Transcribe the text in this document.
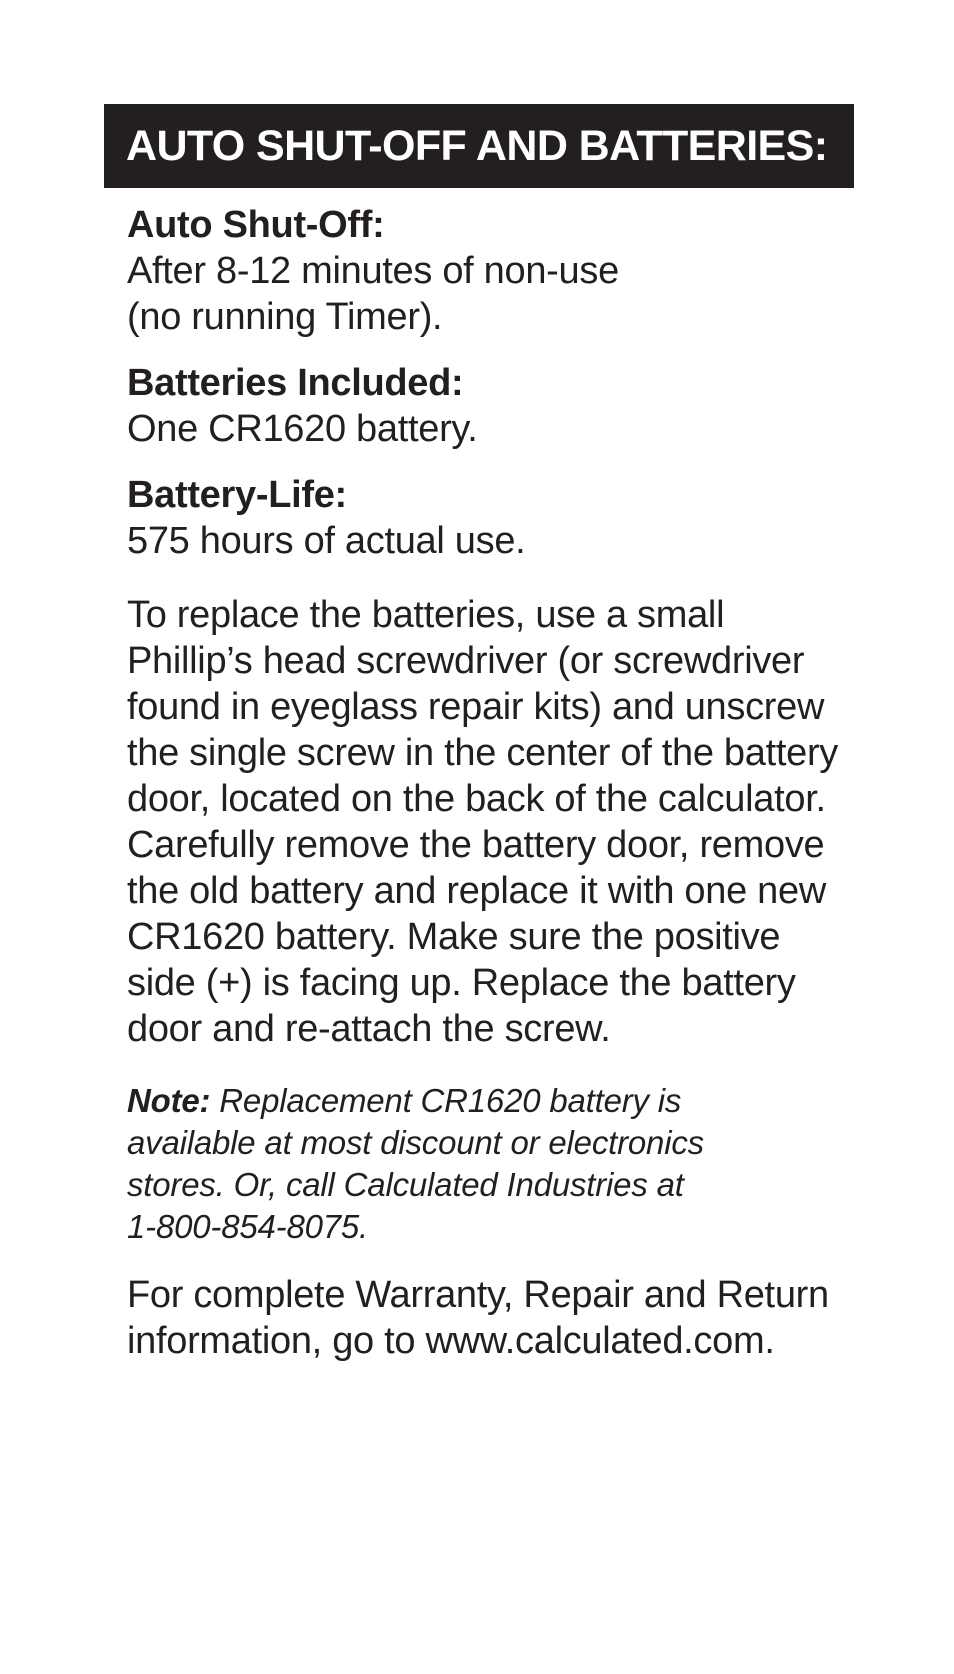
AUTO SHUT-OFF AND BATTERIES:
Auto Shut-Off:
After 8-12 minutes of non-use
(no running Timer).
Batteries Included:
One CR1620 battery.
Battery-Life:
575 hours of actual use.
To replace the batteries, use a small
Phillip’s head screwdriver (or screwdriver
found in eyeglass repair kits) and unscrew
the single screw in the center of the battery
door, located on the back of the calculator.
Carefully remove the battery door, remove
the old battery and replace it with one new
CR1620 battery. Make sure the positive
side (+) is facing up. Replace the battery
door and re-attach the screw.
Note: Replacement CR1620 battery is
available at most discount or electronics
stores. Or, call Calculated Industries at
1-800-854-8075.
For complete Warranty, Repair and Return
information, go to www.calculated.com.
